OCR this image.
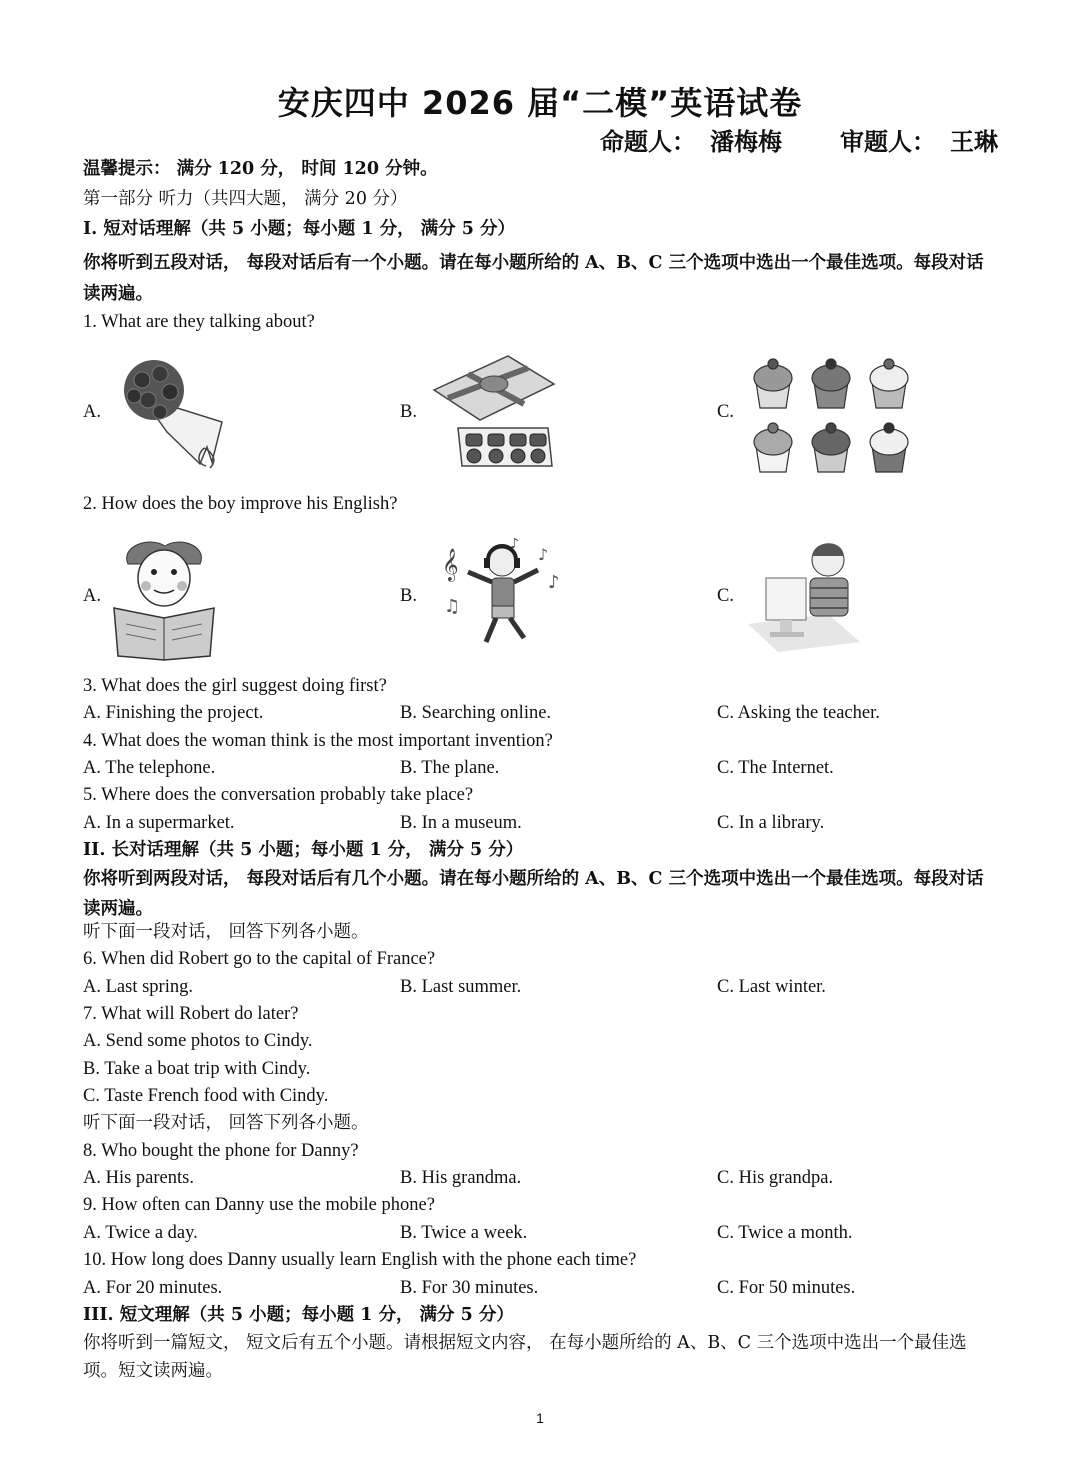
安庆四中 2026 届“二模”英语试卷
命题人： 潘梅梅 审题人： 王琳
温馨提示： 满分 120 分， 时间 120 分钟。
第一部分 听力（共四大题， 满分 20 分）
I. 短对话理解（共 5 小题；每小题 1 分， 满分 5 分）
你将听到五段对话， 每段对话后有一个小题。请在每小题所给的 A、B、C 三个选项中选出一个最佳选项。每段对话读两遍。
1. What are they talking about?
A.	B.	C.
2. How does the boy improve his English?
A.	B.	C.
𝄞
♫
♪
♪
♪
3. What does the girl suggest doing first?
A. Finishing the project.	B. Searching online.	C. Asking the teacher.
4. What does the woman think is the most important invention?
A. The telephone.	B. The plane.	C. The Internet.
5. Where does the conversation probably take place?
A. In a supermarket.	B. In a museum.	C. In a library.
II. 长对话理解（共 5 小题；每小题 1 分， 满分 5 分）
你将听到两段对话， 每段对话后有几个小题。请在每小题所给的 A、B、C 三个选项中选出一个最佳选项。每段对话读两遍。
听下面一段对话， 回答下列各小题。
6. When did Robert go to the capital of France?
A. Last spring.	B. Last summer.	C. Last winter.
7. What will Robert do later?
A. Send some photos to Cindy.
B. Take a boat trip with Cindy.
C. Taste French food with Cindy.
听下面一段对话， 回答下列各小题。
8. Who bought the phone for Danny?
A. His parents.	B. His grandma.	C. His grandpa.
9. How often can Danny use the mobile phone?
A. Twice a day.	B. Twice a week.	C. Twice a month.
10. How long does Danny usually learn English with the phone each time?
A. For 20 minutes.	B. For 30 minutes.	C. For 50 minutes.
III. 短文理解（共 5 小题；每小题 1 分， 满分 5 分）
你将听到一篇短文， 短文后有五个小题。请根据短文内容， 在每小题所给的 A、B、C 三个选项中选出一个最佳选项。短文读两遍。
1
